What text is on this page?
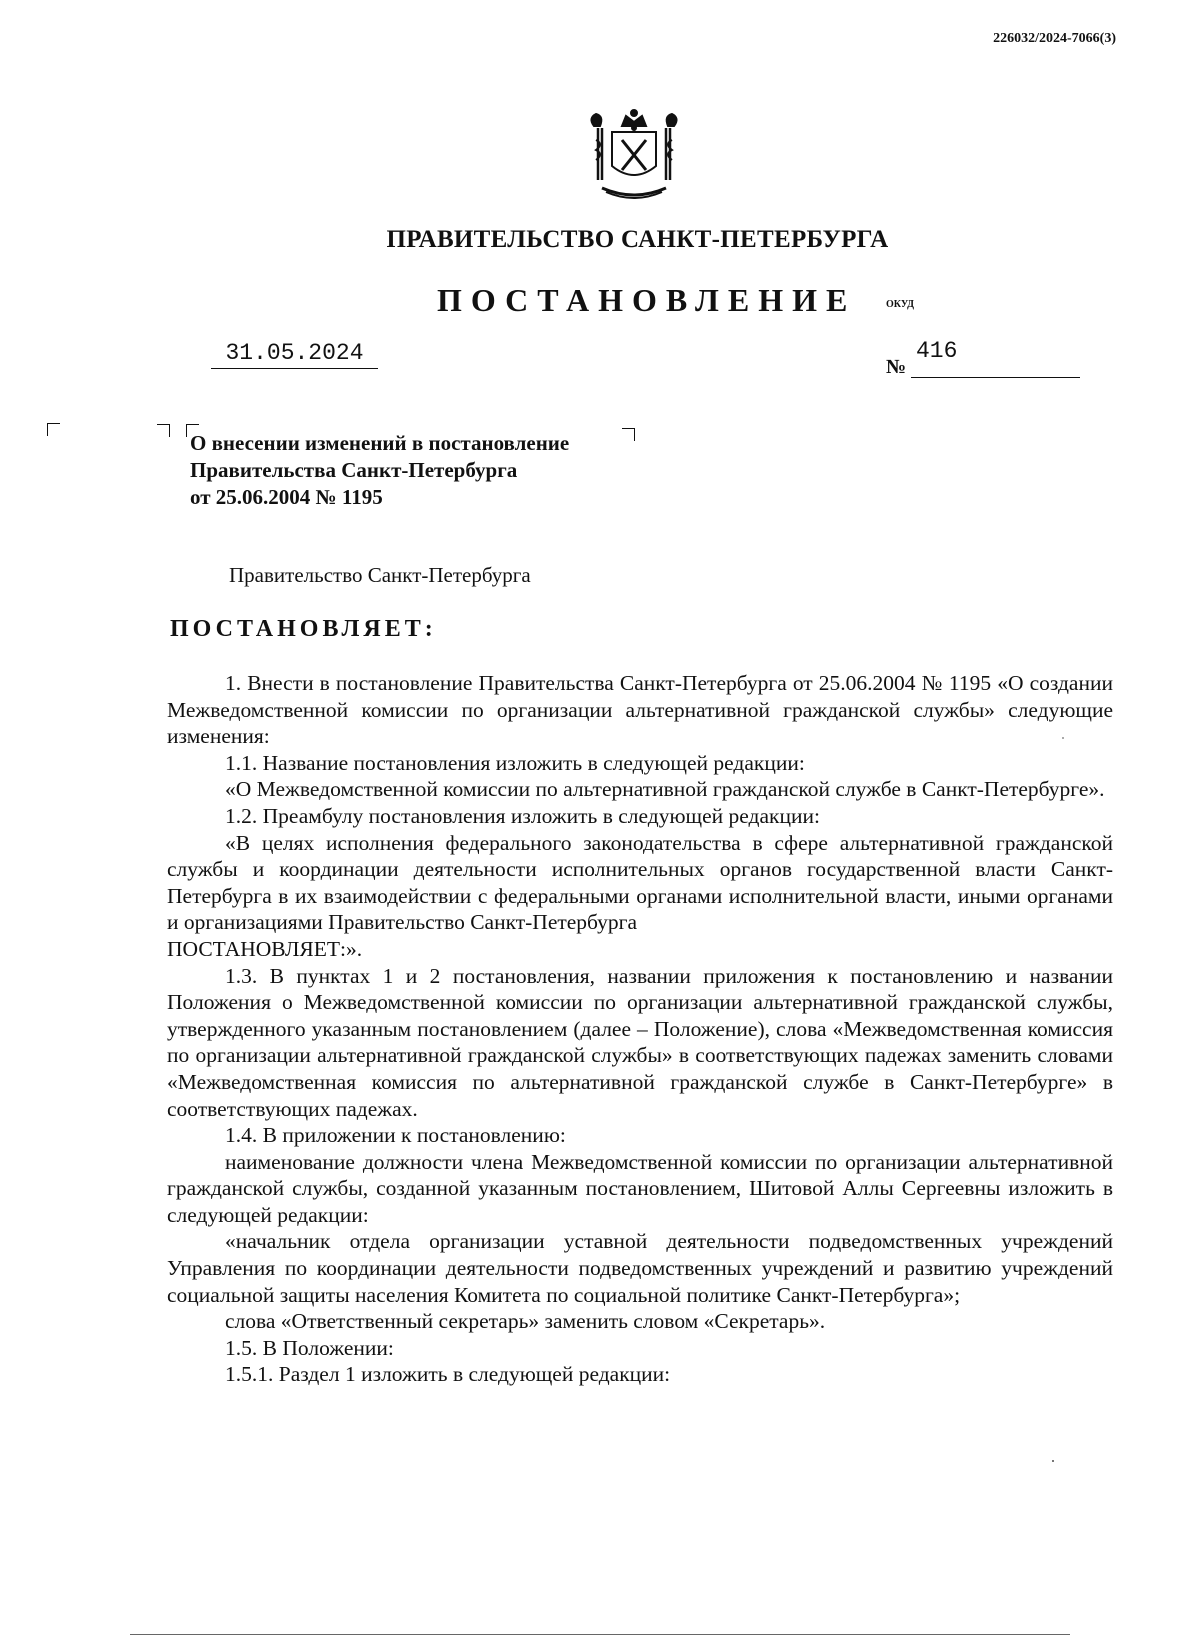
226032/2024-7066(3)
ПРАВИТЕЛЬСТВО САНКТ-ПЕТЕРБУРГА
ПОСТАНОВЛЕНИЕ	ОКУД
31.05.2024
№
416
О внесении изменений в постановление
Правительства Санкт-Петербурга
от 25.06.2004 № 1195
Правительство Санкт-Петербурга
ПОСТАНОВЛЯЕТ:

1. Внести в постановление Правительства Санкт-Петербурга от 25.06.2004 № 1195 «О создании Межведомственной комиссии по организации альтернативной гражданской службы» следующие изменения:

1.1. Название постановления изложить в следующей редакции:

«О Межведомственной комиссии по альтернативной гражданской службе в Санкт-Петербурге».

1.2. Преамбулу постановления изложить в следующей редакции:

«В целях исполнения федерального законодательства в сфере альтернативной гражданской службы и координации деятельности исполнительных органов государственной власти Санкт-Петербурга в их взаимодействии с федеральными органами исполнительной власти, иными органами и организациями Правительство Санкт-Петербурга

ПОСТАНОВЛЯЕТ:».

1.3. В пунктах 1 и 2 постановления, названии приложения к постановлению и названии Положения о Межведомственной комиссии по организации альтернативной гражданской службы, утвержденного указанным постановлением (далее – Положение), слова «Межведомственная комиссия по организации альтернативной гражданской службы» в соответствующих падежах заменить словами «Межведомственная комиссия по альтернативной гражданской службе в Санкт-Петербурге» в соответствующих падежах.

1.4. В приложении к постановлению:

наименование должности члена Межведомственной комиссии по организации альтернативной гражданской службы, созданной указанным постановлением, Шитовой Аллы Сергеевны изложить в следующей редакции:

«начальник отдела организации уставной деятельности подведомственных учреждений Управления по координации деятельности подведомственных учреждений и развитию учреждений социальной защиты населения Комитета по социальной политике Санкт-Петербурга»;

слова «Ответственный секретарь» заменить словом «Секретарь».

1.5. В Положении:

1.5.1. Раздел 1 изложить в следующей редакции:
